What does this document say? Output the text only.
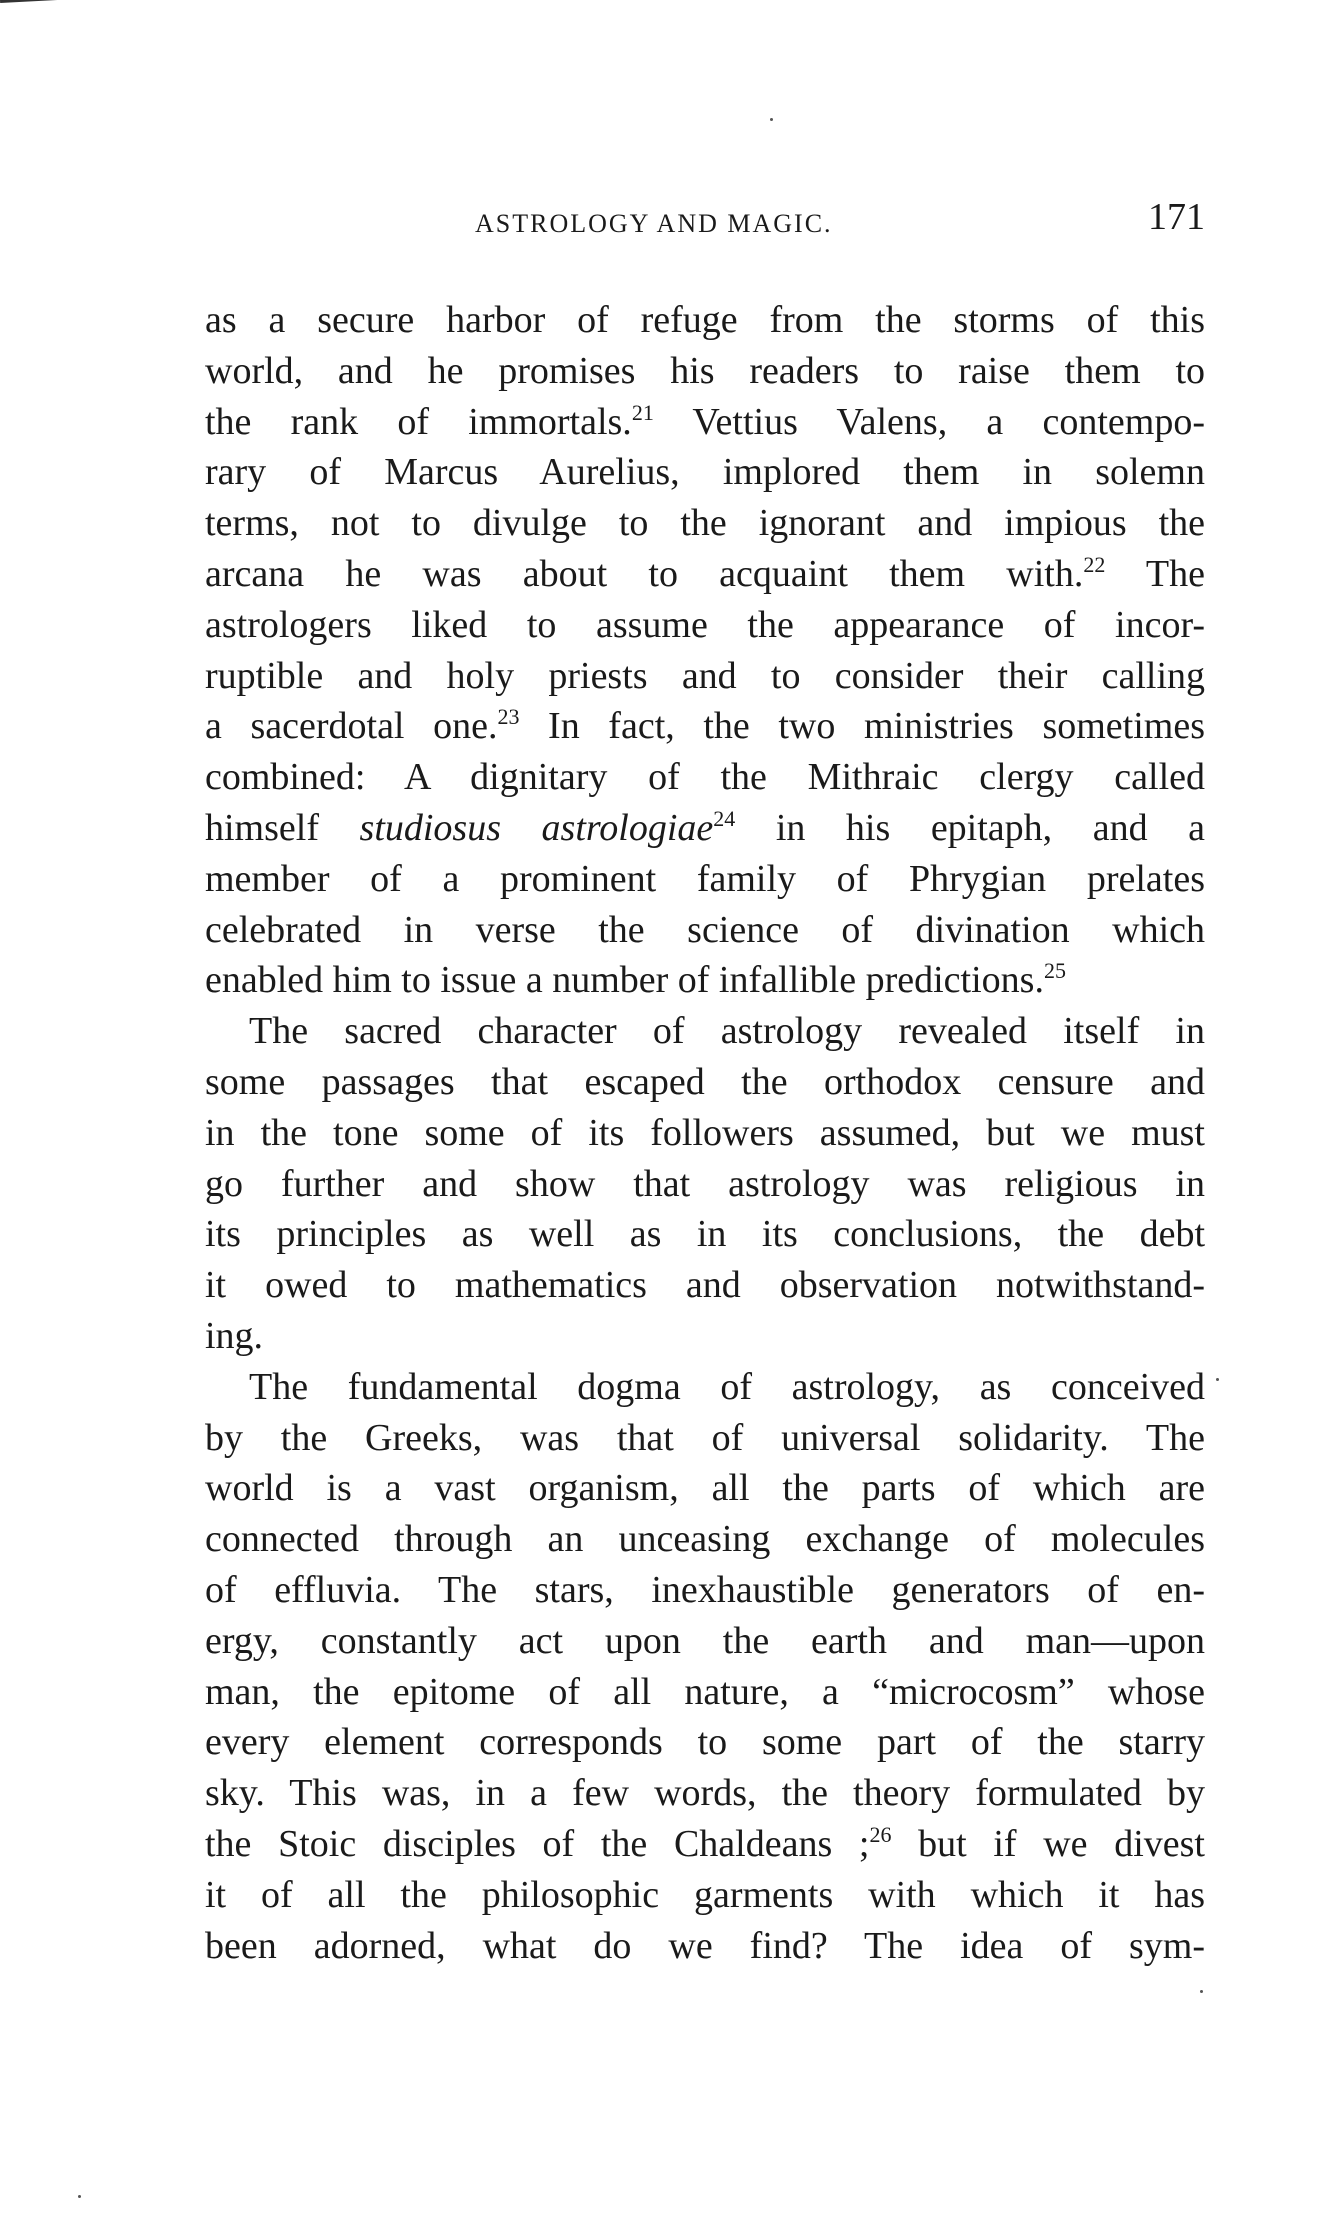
ASTROLOGY AND MAGIC.	171
as a secure harbor of refuge from the storms of this
world, and he promises his readers to raise them to
the rank of immortals.$^{21}$ Vettius Valens, a contempo-
rary of Marcus Aurelius, implored them in solemn
terms, not to divulge to the ignorant and impious the
arcana he was about to acquaint them with.$^{22}$ The
astrologers liked to assume the appearance of incor-
ruptible and holy priests and to consider their calling
a sacerdotal one.$^{23}$ In fact, the two ministries sometimes
combined: A dignitary of the Mithraic clergy called
himself studiosus astrologiae$^{24}$ in his epitaph, and a
member of a prominent family of Phrygian prelates
celebrated in verse the science of divination which
enabled him to issue a number of infallible predictions.$^{25}$
The sacred character of astrology revealed itself in
some passages that escaped the orthodox censure and
in the tone some of its followers assumed, but we must
go further and show that astrology was religious in
its principles as well as in its conclusions, the debt
it owed to mathematics and observation notwithstand-
ing.
The fundamental dogma of astrology, as conceived
by the Greeks, was that of universal solidarity. The
world is a vast organism, all the parts of which are
connected through an unceasing exchange of molecules
of effluvia. The stars, inexhaustible generators of en-
ergy, constantly act upon the earth and man—upon
man, the epitome of all nature, a “microcosm” whose
every element corresponds to some part of the starry
sky. This was, in a few words, the theory formulated by
the Stoic disciples of the Chaldeans ;$^{26}$ but if we divest
it of all the philosophic garments with which it has
been adorned, what do we find? The idea of sym-
